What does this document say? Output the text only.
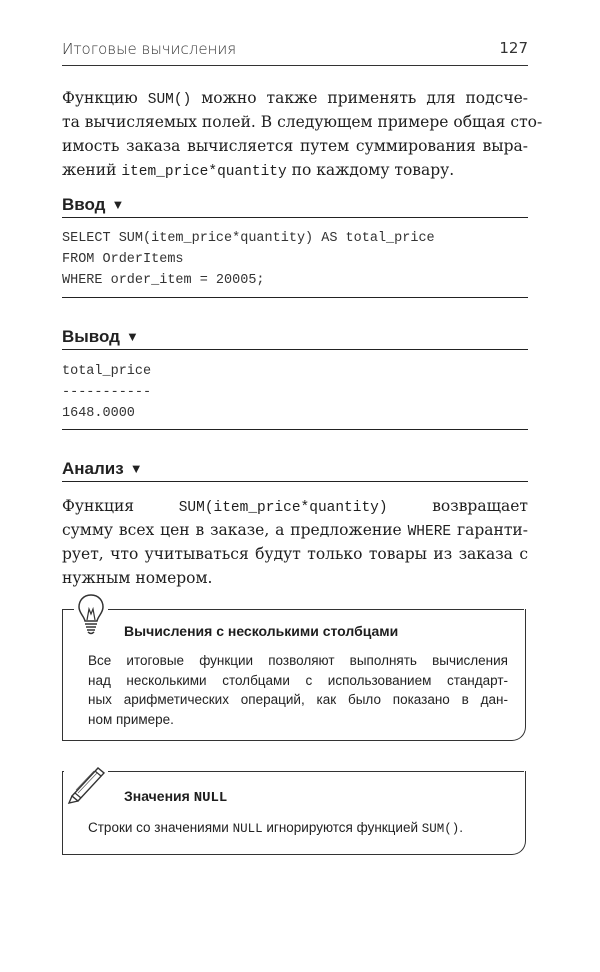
Итоговые вычисления	127
Функцию SUM() можно также применять для подсче-
та вычисляемых полей. В следующем примере общая сто-
имость заказа вычисляется путем суммирования выра-
жений item_price*quantity по каждому товару.
Ввод ▼
SELECT SUM(item_price*quantity) AS total_price
FROM OrderItems
WHERE order_item = 20005;
Вывод ▼
total_price
-----------
1648.0000
Анализ ▼
Функция SUM(item_price*quantity) возвращает
сумму всех цен в заказе, а предложение WHERE гаранти-
рует, что учитываться будут только товары из заказа с
нужным номером.
Вычисления с несколькими столбцами
Все итоговые функции позволяют выполнять вычисления
над несколькими столбцами с использованием стандарт-
ных арифметических операций, как было показано в дан-
ном примере.
Значения NULL
Строки со значениями NULL игнорируются функцией SUM().
